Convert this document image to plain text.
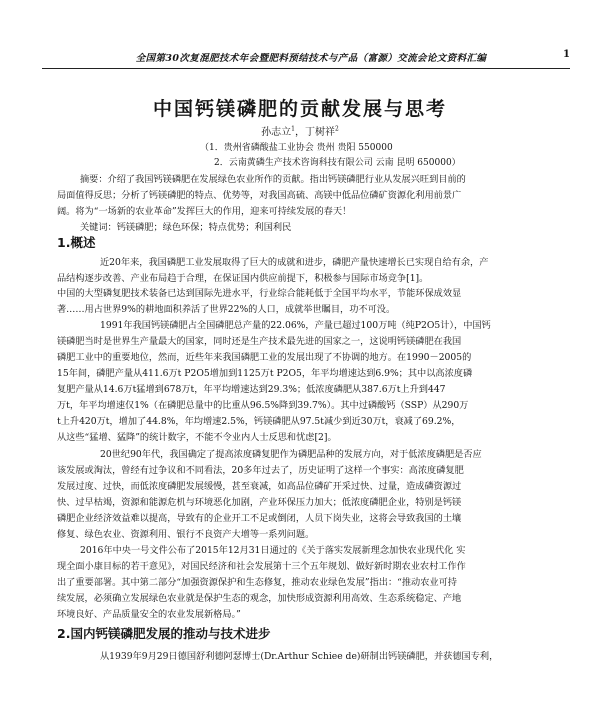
全国第30次复混肥技术年会暨肥料预结技术与产品（富源）交流会论文资料汇编	1
中国钙镁磷肥的贡献发展与思考
孙志立$^1$，丁树祥$^2$
（1．贵州省磷酸盐工业协会 贵州 贵阳 550000
2．云南黄磷生产技术咨询科技有限公司 云南 昆明 650000）
摘要：介绍了我国钙镁磷肥在发展绿色农业所作的贡献。指出钙镁磷肥行业从发展兴旺到目前的
局面值得反思；分析了钙镁磷肥的特点、优势等，对我国高硫、高镁中低品位磷矿资源化利用前景广
阔。将为“一场新的农业革命”发挥巨大的作用，迎来可持续发展的春天！
关键词：钙镁磷肥；绿色环保；特点优势；利国利民
1.概述
近20年来，我国磷肥工业发展取得了巨大的成就和进步，磷肥产量快速增长已实现自给有余，产
品结构逐步改善、产业布局趋于合理，在保证国内供应前提下，积极参与国际市场竞争[1]。
中国的大型磷复肥技术装备已达到国际先进水平，行业综合能耗低于全国平均水平，节能环保成效显
著……用占世界9%的耕地面积养活了世界22%的人口，成就举世瞩目，功不可没。
1991年我国钙镁磷肥占全国磷肥总产量的22.06%，产量已超过100万吨（纯P2O5计），中国钙
镁磷肥当时是世界生产量最大的国家，同时还是生产技术最先进的国家之一，这说明钙镁磷肥在我国
磷肥工业中的重要地位，然而，近些年来我国磷肥工业的发展出现了不协调的地方。在1990－2005的
15年间，磷肥产量从411.6万t P2O5增加到1125万t P2O5，年平均增速达到6.9%；其中以高浓度磷
复肥产量从14.6万t猛增到678万t，年平均增速达到29.3%；低浓度磷肥从387.6万t上升到447
万t，年平均增速仅1%（在磷肥总量中的比重从96.5%降到39.7%）。其中过磷酸钙（SSP）从290万
t上升420万t，增加了44.8%，年均增速2.5%，钙镁磷肥从97.5t减少到近30万t，衰减了69.2%，
从这些“猛增、猛降”的统计数字，不能不令业内人士反思和忧虑[2]。
20世纪90年代，我国确定了提高浓度磷复肥作为磷肥品种的发展方向，对于低浓度磷肥是否应
该发展或淘汰，曾经有过争议和不同看法，20多年过去了，历史证明了这样一个事实：高浓度磷复肥
发展过度、过快，而低浓度磷肥发展缓慢，甚至衰减，如高品位磷矿开采过快、过量，造成磷资源过
快、过早枯竭，资源和能源危机与环境恶化加剧，产业环保压力加大；低浓度磷肥企业，特别是钙镁
磷肥企业经济效益难以提高，导致有的企业开工不足或倒闭，人员下岗失业，这将会导致我国的土壤
修复、绿色农业、资源利用、银行不良资产大增等一系列问题。
2016年中央一号文件公布了2015年12月31日通过的《关于落实发展新理念加快农业现代化 实
现全面小康目标的若干意见》，对国民经济和社会发展第十三个五年规划、做好新时期农业农村工作作
出了重要部署。其中第二部分“加强资源保护和生态修复，推动农业绿色发展”指出：“推动农业可持
续发展，必须确立发展绿色农业就是保护生态的观念，加快形成资源利用高效、生态系统稳定、产地
环境良好、产品质量安全的农业发展新格局。”
2.国内钙镁磷肥发展的推动与技术进步
从1939年9月29日德国舒利德阿瑟博士(Dr.Arthur Schiee de)研制出钙镁磷肥，并获德国专利，
